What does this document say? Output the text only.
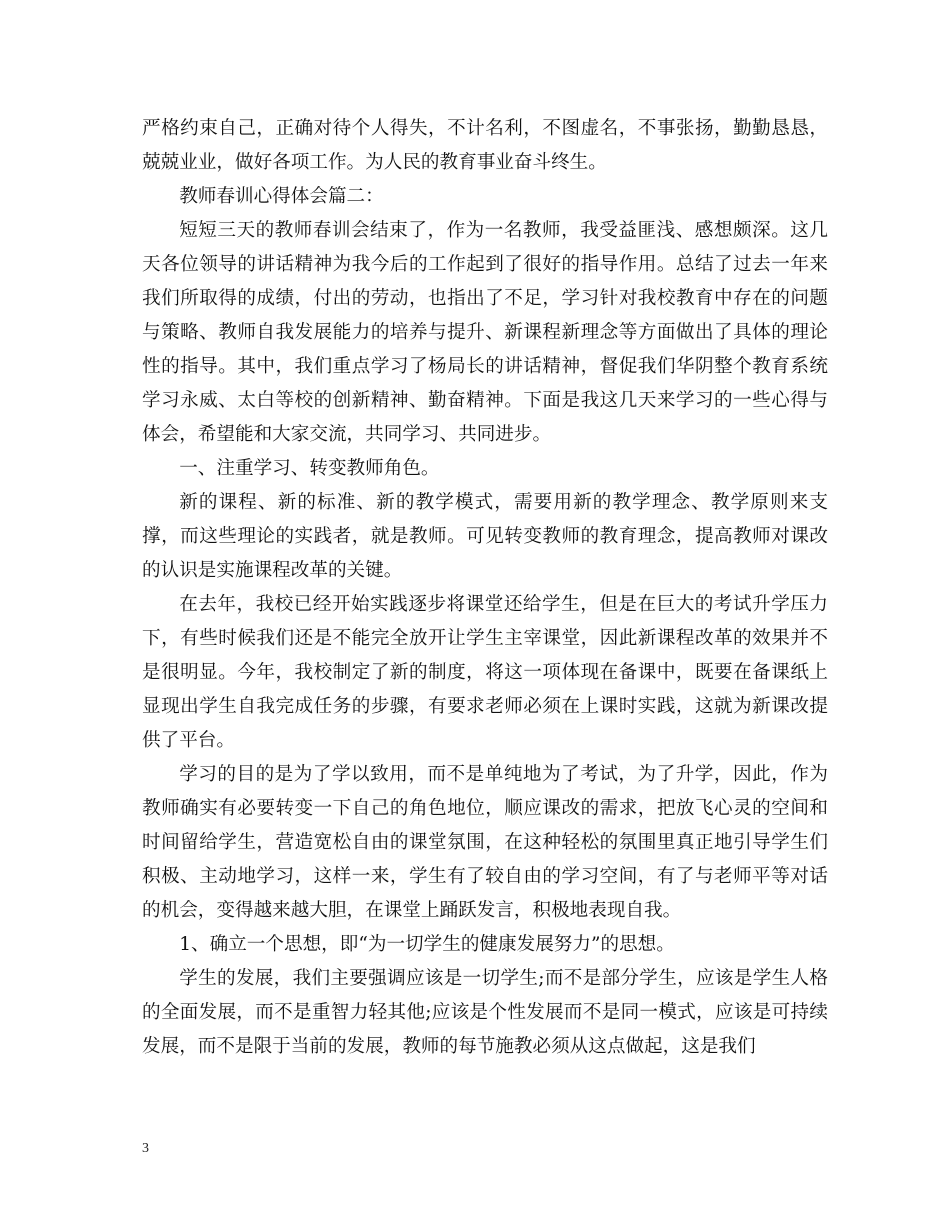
严格约束自己，正确对待个人得失，不计名利，不图虚名，不事张扬，勤勤恳恳，兢兢业业，做好各项工作。为人民的教育事业奋斗终生。

教师春训心得体会篇二：

短短三天的教师春训会结束了，作为一名教师，我受益匪浅、感想颇深。这几天各位领导的讲话精神为我今后的工作起到了很好的指导作用。总结了过去一年来我们所取得的成绩，付出的劳动，也指出了不足，学习针对我校教育中存在的问题与策略、教师自我发展能力的培养与提升、新课程新理念等方面做出了具体的理论性的指导。其中，我们重点学习了杨局长的讲话精神，督促我们华阴整个教育系统学习永威、太白等校的创新精神、勤奋精神。下面是我这几天来学习的一些心得与体会，希望能和大家交流，共同学习、共同进步。

一、注重学习、转变教师角色。

新的课程、新的标准、新的教学模式，需要用新的教学理念、教学原则来支撑，而这些理论的实践者，就是教师。可见转变教师的教育理念，提高教师对课改的认识是实施课程改革的关键。

在去年，我校已经开始实践逐步将课堂还给学生，但是在巨大的考试升学压力下，有些时候我们还是不能完全放开让学生主宰课堂，因此新课程改革的效果并不是很明显。今年，我校制定了新的制度，将这一项体现在备课中，既要在备课纸上显现出学生自我完成任务的步骤，有要求老师必须在上课时实践，这就为新课改提供了平台。

学习的目的是为了学以致用，而不是单纯地为了考试，为了升学，因此，作为教师确实有必要转变一下自己的角色地位，顺应课改的需求，把放飞心灵的空间和时间留给学生，营造宽松自由的课堂氛围，在这种轻松的氛围里真正地引导学生们积极、主动地学习，这样一来，学生有了较自由的学习空间，有了与老师平等对话的机会，变得越来越大胆，在课堂上踊跃发言，积极地表现自我。

1、确立一个思想，即“为一切学生的健康发展努力”的思想。

学生的发展，我们主要强调应该是一切学生;而不是部分学生，应该是学生人格的全面发展，而不是重智力轻其他;应该是个性发展而不是同一模式，应该是可持续发展，而不是限于当前的发展，教师的每节施教必须从这点做起，这是我们

3
